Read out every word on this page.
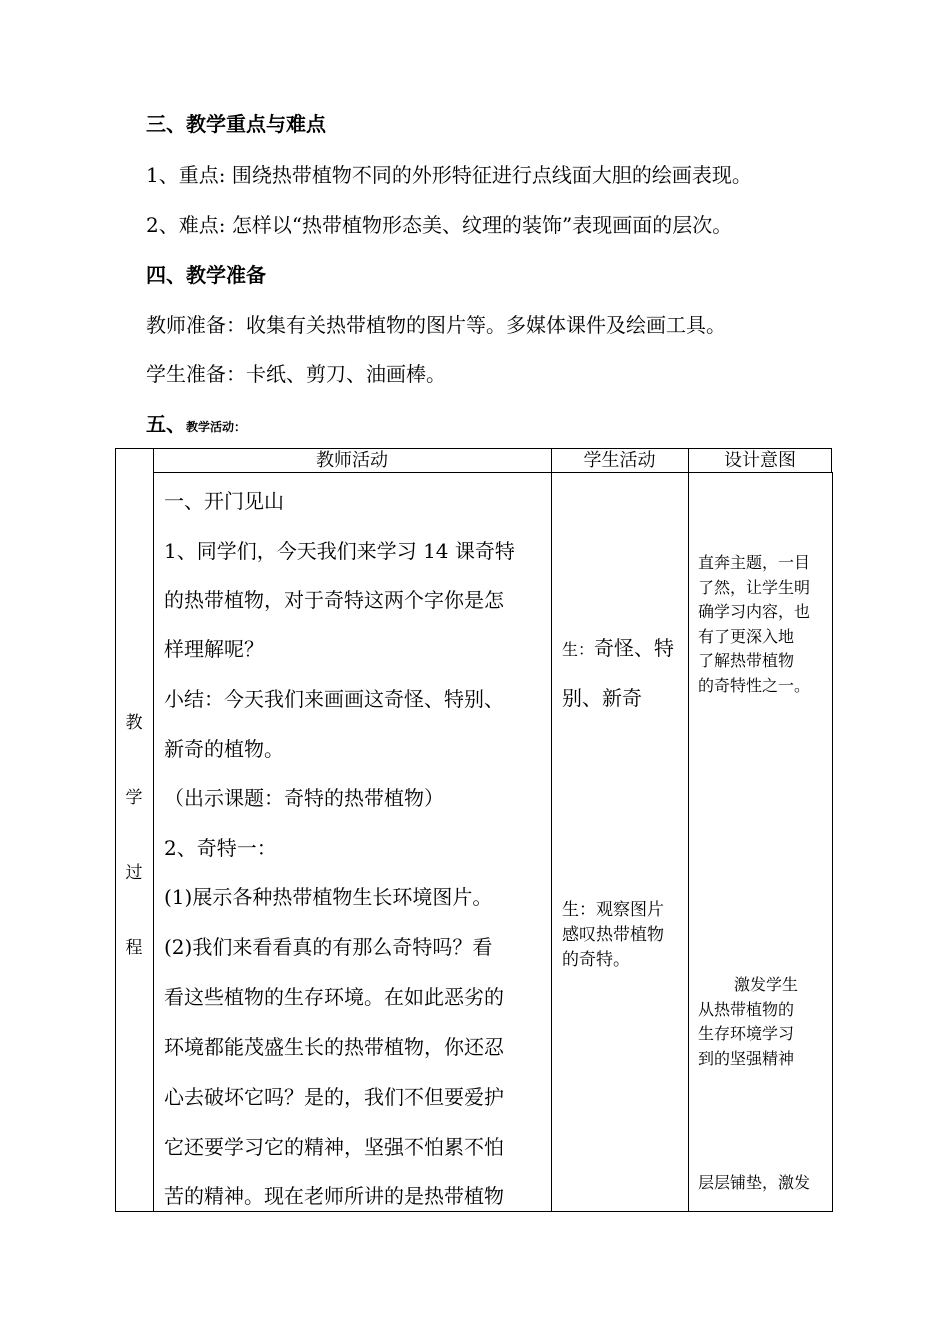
三、教学重点与难点
1、重点: 围绕热带植物不同的外形特征进行点线面大胆的绘画表现。
2、难点: 怎样以“热带植物形态美、纹理的装饰”表现画面的层次。
四、教学准备
教师准备：收集有关热带植物的图片等。多媒体课件及绘画工具。
学生准备：卡纸、剪刀、油画棒。
五、教学活动：
教师活动	学生活动	设计意图
教
学
过
程
一、开门见山
1、同学们，今天我们来学习 14 课奇特
的热带植物，对于奇特这两个字你是怎
样理解呢？
小结：今天我们来画画这奇怪、特别、
新奇的植物。
（出示课题：奇特的热带植物）
2、奇特一：
(1)展示各种热带植物生长环境图片。
(2)我们来看看真的有那么奇特吗？看
看这些植物的生存环境。在如此恶劣的
环境都能茂盛生长的热带植物，你还忍
心去破坏它吗？是的，我们不但要爱护
它还要学习它的精神，坚强不怕累不怕
苦的精神。现在老师所讲的是热带植物
生：奇怪、特
别、新奇
生：观察图片
感叹热带植物
的奇特。
直奔主题，一目
了然，让学生明
确学习内容，也
有了更深入地
了解热带植物
的奇特性之一。
激发学生
从热带植物的
生存环境学习
到的坚强精神
层层铺垫，激发
